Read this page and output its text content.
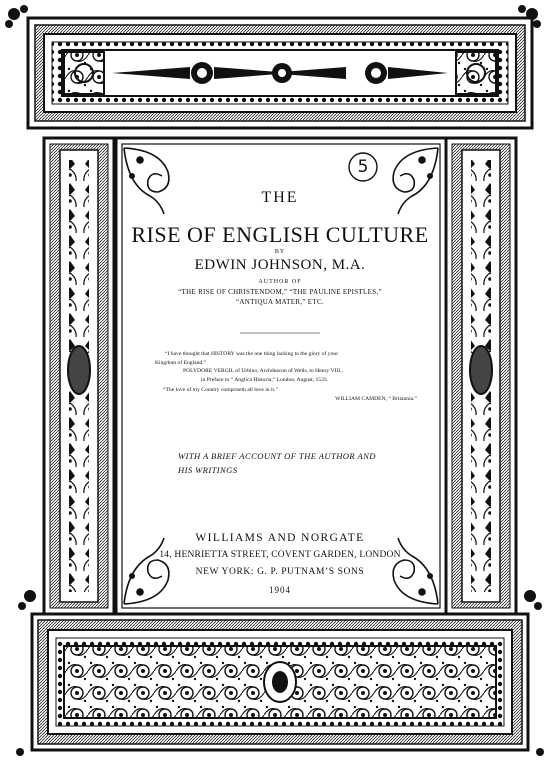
5
THE
RISE OF ENGLISH CULTURE
BY
EDWIN JOHNSON, M.A.
AUTHOR OF
“THE RISE OF CHRISTENDOM,” “THE PAULINE EPISTLES,”
“ANTIQUA MATER,” ETC.
“I have thought that HISTORY was the one thing lacking to the glory of your
Kingdom of England.”
POLYDORE VERGIL of Urbino, Archdeacon of Wells, to Henry VIII.,
in Preface to “ Anglica Historia,” London, August, 1533.
“The love of my Country compriseth all love in it.”
WILLIAM CAMDEN, “ Britannia.”
WITH A BRIEF ACCOUNT OF THE AUTHOR AND
HIS WRITINGS
WILLIAMS AND NORGATE
14, HENRIETTA STREET, COVENT GARDEN, LONDON
NEW YORK: G. P. PUTNAM’S SONS
1904
